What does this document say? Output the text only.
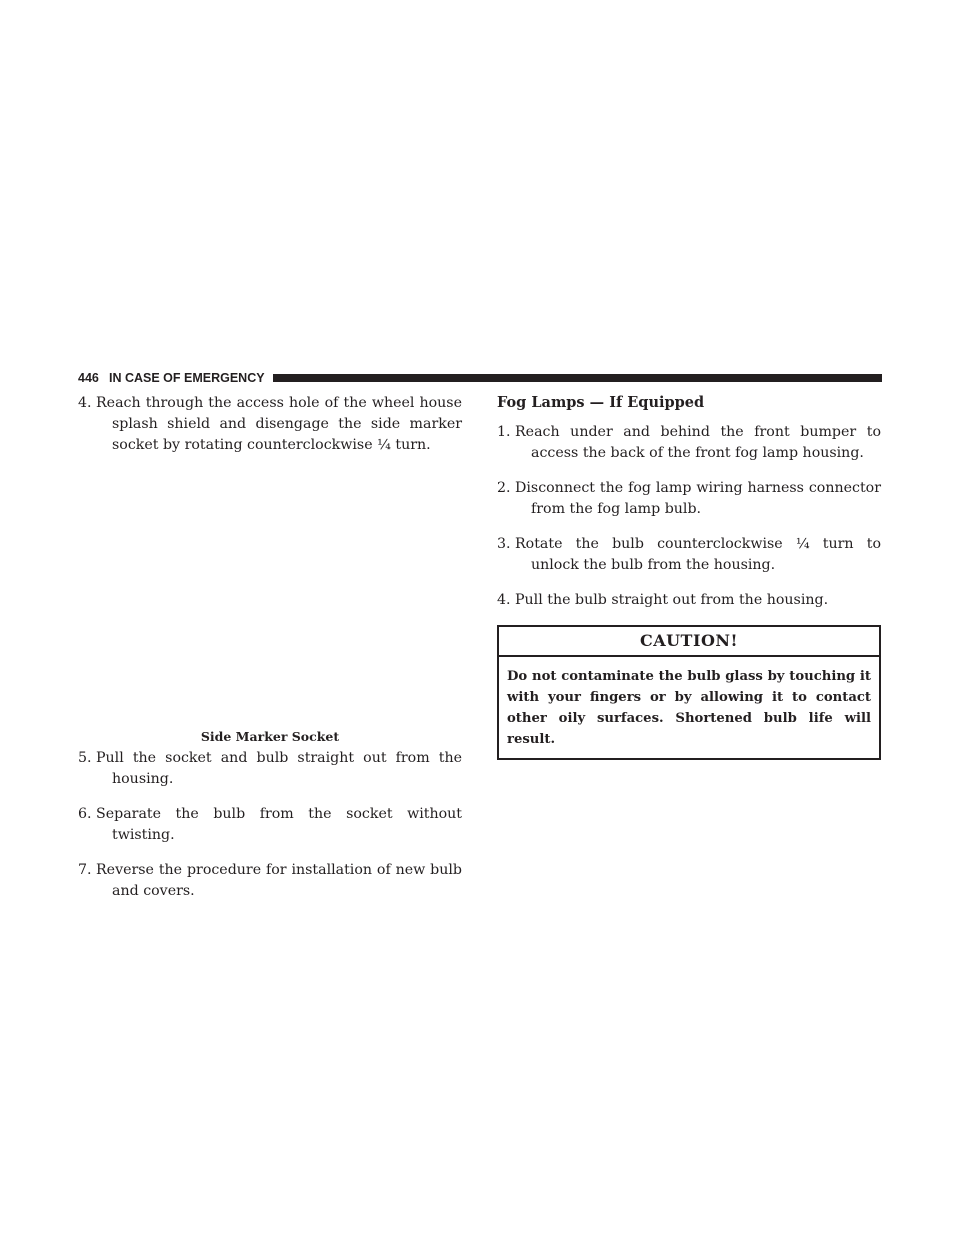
446 IN CASE OF EMERGENCY
4. Reach through the access hole of the wheel house splash shield and disengage the side marker socket by rotating counterclockwise ¼ turn.
Side Marker Socket
5. Pull the socket and bulb straight out from the housing.
6. Separate the bulb from the socket without twisting.
7. Reverse the procedure for installation of new bulb and covers.
Fog Lamps — If Equipped
1. Reach under and behind the front bumper to access the back of the front fog lamp housing.
2. Disconnect the fog lamp wiring harness connector from the fog lamp bulb.
3. Rotate the bulb counterclockwise ¼ turn to unlock the bulb from the housing.
4. Pull the bulb straight out from the housing.
CAUTION!
Do not contaminate the bulb glass by touching it with your fingers or by allowing it to contact other oily surfaces. Shortened bulb life will result.
